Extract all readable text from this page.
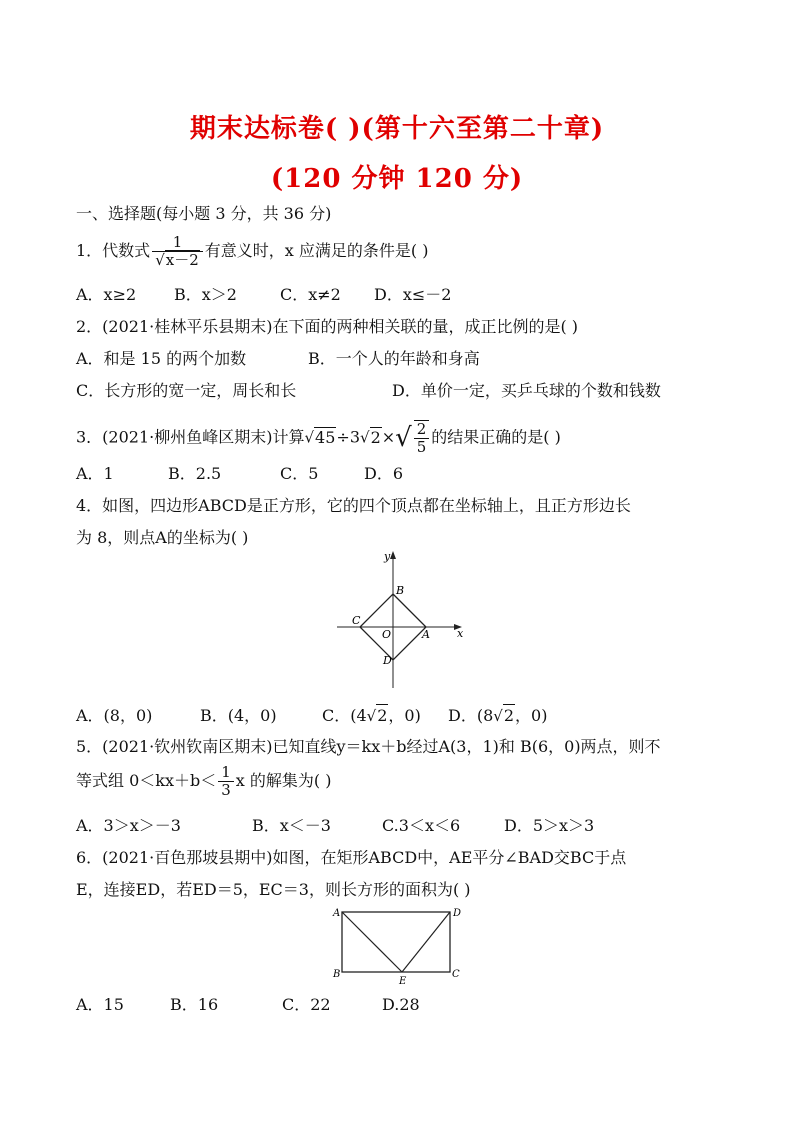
期末达标卷( )(第十六至第二十章)
(120 分钟 120 分)
一、选择题(每小题 3 分，共 36 分)
1．代数式 $\frac{1}{√x-2}$ 有意义时，x 应满足的条件是( )
A．x≥2 B．x＞2	C．x≠2 D．x≤－2
2．(2021·桂林平乐县期末)在下面的两种相关联的量，成正比例的是( )
A．和是 15 的两个加数	B．一个人的年龄和身高
C．长方形的宽一定，周长和长	D．单价一定，买乒乓球的个数和钱数
3．(2021·柳州鱼峰区期末)计算$√45\div 3√2\times√ \frac{2}{5}$ 的结果正确的是( )
A．1	B．2.5	C．5	D．6
4．如图，四边形ABCD是正方形，它的四个顶点都在坐标轴上，且正方形边长
为 8，则点A的坐标为( )
y
x
B
C
A
O
D
A．(8，0)	B．(4，0)	C．(4√2，0) D．(8√2，0)
5．(2021·钦州钦南区期末)已知直线y＝kx＋b经过A(3，1)和 B(6，0)两点，则不
等式组 $0<kx+b< \frac{1}{3}$ x 的解集为( )
A．3＞x＞－3	B．x＜－3	C.3＜x＜6	D．5＞x＞3
6．(2021·百色那坡县期中)如图，在矩形ABCD中，AE平分∠BAD交BC于点
E，连接ED，若ED＝5，EC＝3，则长方形的面积为( )
A	D
B	C
E
A．15	B．16	C．22	D.28
